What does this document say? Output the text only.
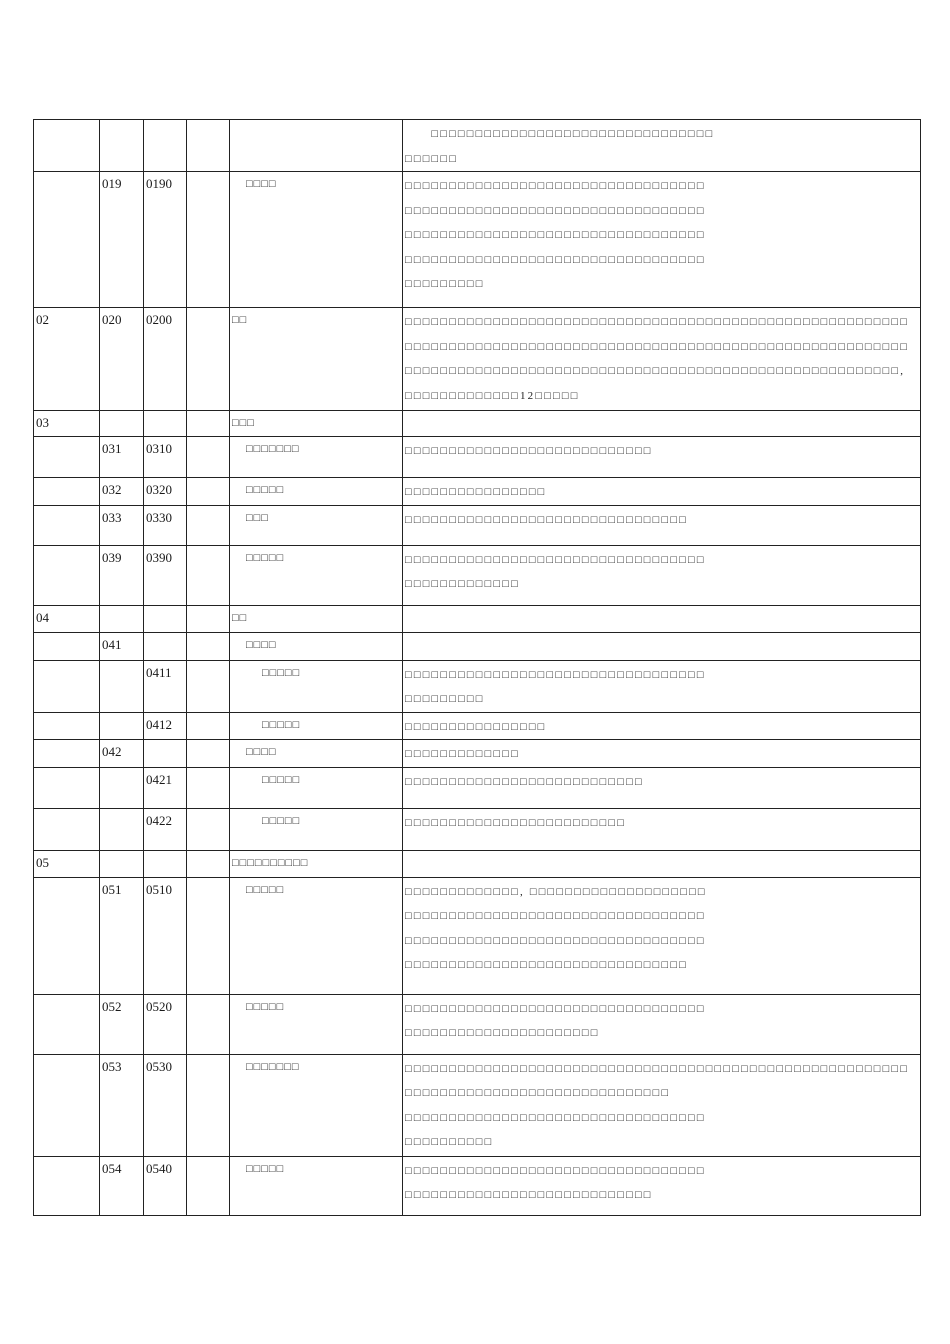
					　　□□□□□□□□□□□□□□□□□□□□□□□□□□□□□□□□
□□□□□□
	019	0190		□□□□	□□□□□□□□□□□□□□□□□□□□□□□□□□□□□□□□□□
□□□□□□□□□□□□□□□□□□□□□□□□□□□□□□□□□□
□□□□□□□□□□□□□□□□□□□□□□□□□□□□□□□□□□
□□□□□□□□□□□□□□□□□□□□□□□□□□□□□□□□□□
□□□□□□□□□
02	020	0200		□□	□□□□□□□□□□□□□□□□□□□□□□□□□□□□□□□□□□□□□□□□□□□□□□□□□□□□□□□□□□□□□□□□□□□□□□□□□□□□□□□□□□□□□□□□□□□□□□□□□□□□□□□□□□□□□□□□□□□□□□□□□□□□□□□□□□□□□□□□□□□□□□□□□□□□□□□□□□□□□□□□□□□□□□□□□□, □□□□□□□□□□□□□12□□□□□
03				□□□	
	031	0310		□□□□□□□	□□□□□□□□□□□□□□□□□□□□□□□□□□□□
	032	0320		□□□□□	□□□□□□□□□□□□□□□□
	033	0330		□□□	□□□□□□□□□□□□□□□□□□□□□□□□□□□□□□□□
	039	0390		□□□□□	□□□□□□□□□□□□□□□□□□□□□□□□□□□□□□□□□□
□□□□□□□□□□□□□
04				□□	
	041			□□□□	
		0411		□□□□□	□□□□□□□□□□□□□□□□□□□□□□□□□□□□□□□□□□
□□□□□□□□□
		0412		□□□□□	□□□□□□□□□□□□□□□□
	042			□□□□	□□□□□□□□□□□□□
		0421		□□□□□	□□□□□□□□□□□□□□□□□□□□□□□□□□□
		0422		□□□□□	□□□□□□□□□□□□□□□□□□□□□□□□□
05				□□□□□□□□□□	
	051	0510		□□□□□	□□□□□□□□□□□□□, □□□□□□□□□□□□□□□□□□□□
□□□□□□□□□□□□□□□□□□□□□□□□□□□□□□□□□□
□□□□□□□□□□□□□□□□□□□□□□□□□□□□□□□□□□
□□□□□□□□□□□□□□□□□□□□□□□□□□□□□□□□
	052	0520		□□□□□	□□□□□□□□□□□□□□□□□□□□□□□□□□□□□□□□□□
□□□□□□□□□□□□□□□□□□□□□□
	053	0530		□□□□□□□	□□□□□□□□□□□□□□□□□□□□□□□□□□□□□□□□□□□□□□□□□□□□□□□□□□□□□□□□□□□□□□□□□□□□□□□□□□□□□□□□□□□□□□□
□□□□□□□□□□□□□□□□□□□□□□□□□□□□□□□□□□
□□□□□□□□□□
	054	0540		□□□□□	□□□□□□□□□□□□□□□□□□□□□□□□□□□□□□□□□□
□□□□□□□□□□□□□□□□□□□□□□□□□□□□
